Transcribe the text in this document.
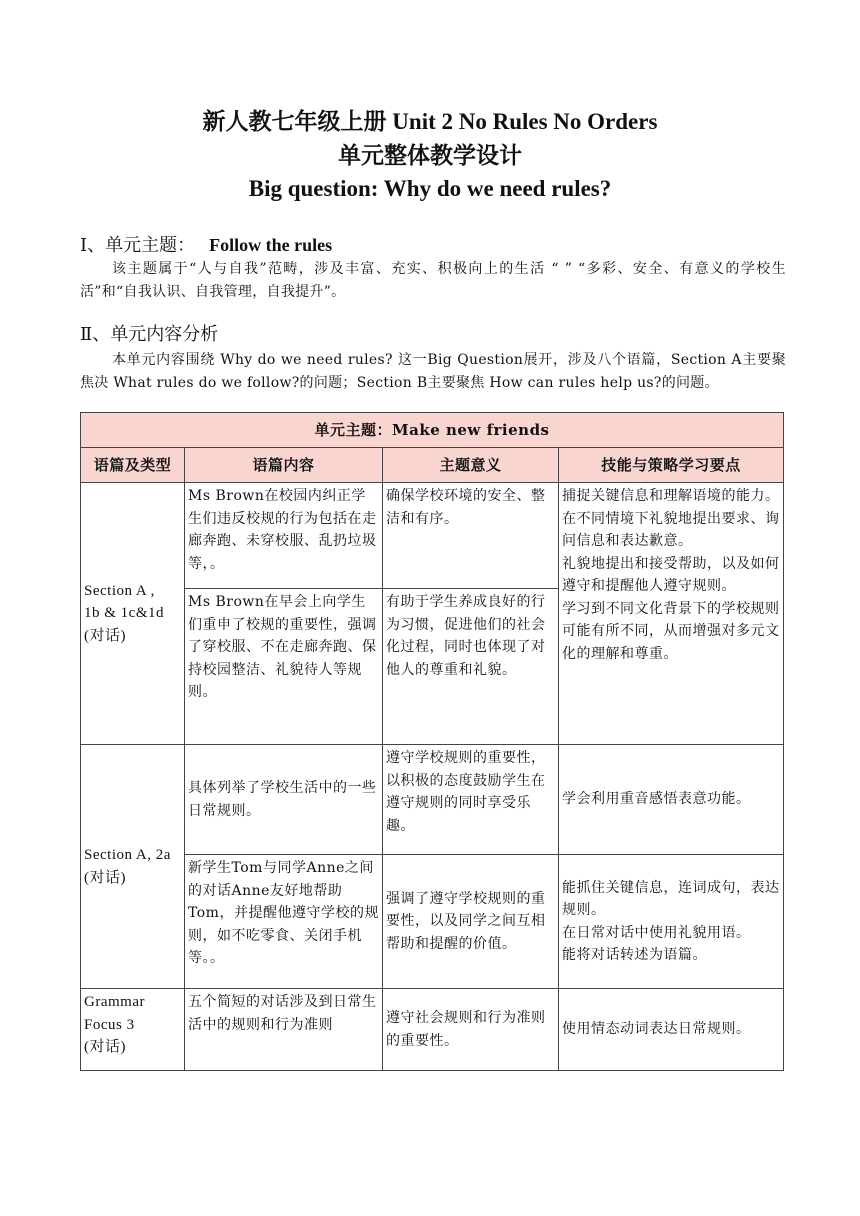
新人教七年级上册 Unit 2 No Rules No Orders
单元整体教学设计
Big question: Why do we need rules?
Ⅰ、单元主题： Follow the rules
该主题属于“人与自我”范畴，涉及丰富、充实、积极向上的生活 “ ” “多彩、安全、有意义的学校生活”和“自我认识、自我管理，自我提升”。
Ⅱ、单元内容分析
本单元内容围绕 Why do we need rules? 这一Big Question展开，涉及八个语篇，Section A主要聚焦决 What rules do we follow?的问题；Section B主要聚焦 How can rules help us?的问题。
单元主题：Make new friends			
语篇及类型	语篇内容	主题意义	技能与策略学习要点
Section A ,
1b & 1c&1d
(对话)	Ms Brown在校园内纠正学生们违反校规的行为包括在走廊奔跑、未穿校服、乱扔垃圾等，。	确保学校环境的安全、整洁和有序。	捕捉关键信息和理解语境的能力。
在不同情境下礼貌地提出要求、询问信息和表达歉意。
礼貌地提出和接受帮助，以及如何遵守和提醒他人遵守规则。
学习到不同文化背景下的学校规则可能有所不同，从而增强对多元文化的理解和尊重。
	Ms Brown在早会上向学生们重申了校规的重要性，强调了穿校服、不在走廊奔跑、保持校园整洁、礼貌待人等规则。	有助于学生养成良好的行为习惯，促进他们的社会化过程，同时也体现了对他人的尊重和礼貌。	
Section A, 2a
(对话)	具体列举了学校生活中的一些日常规则。	遵守学校规则的重要性，以积极的态度鼓励学生在遵守规则的同时享受乐趣。	学会利用重音感悟表意功能。
	新学生Tom与同学Anne之间的对话Anne友好地帮助Tom，并提醒他遵守学校的规则，如不吃零食、关闭手机等。。	强调了遵守学校规则的重要性，以及同学之间互相帮助和提醒的价值。	能抓住关键信息，连词成句，表达规则。
在日常对话中使用礼貌用语。
能将对话转述为语篇。
Grammar
Focus 3
(对话)	五个简短的对话涉及到日常生活中的规则和行为准则	遵守社会规则和行为准则的重要性。	使用情态动词表达日常规则。
